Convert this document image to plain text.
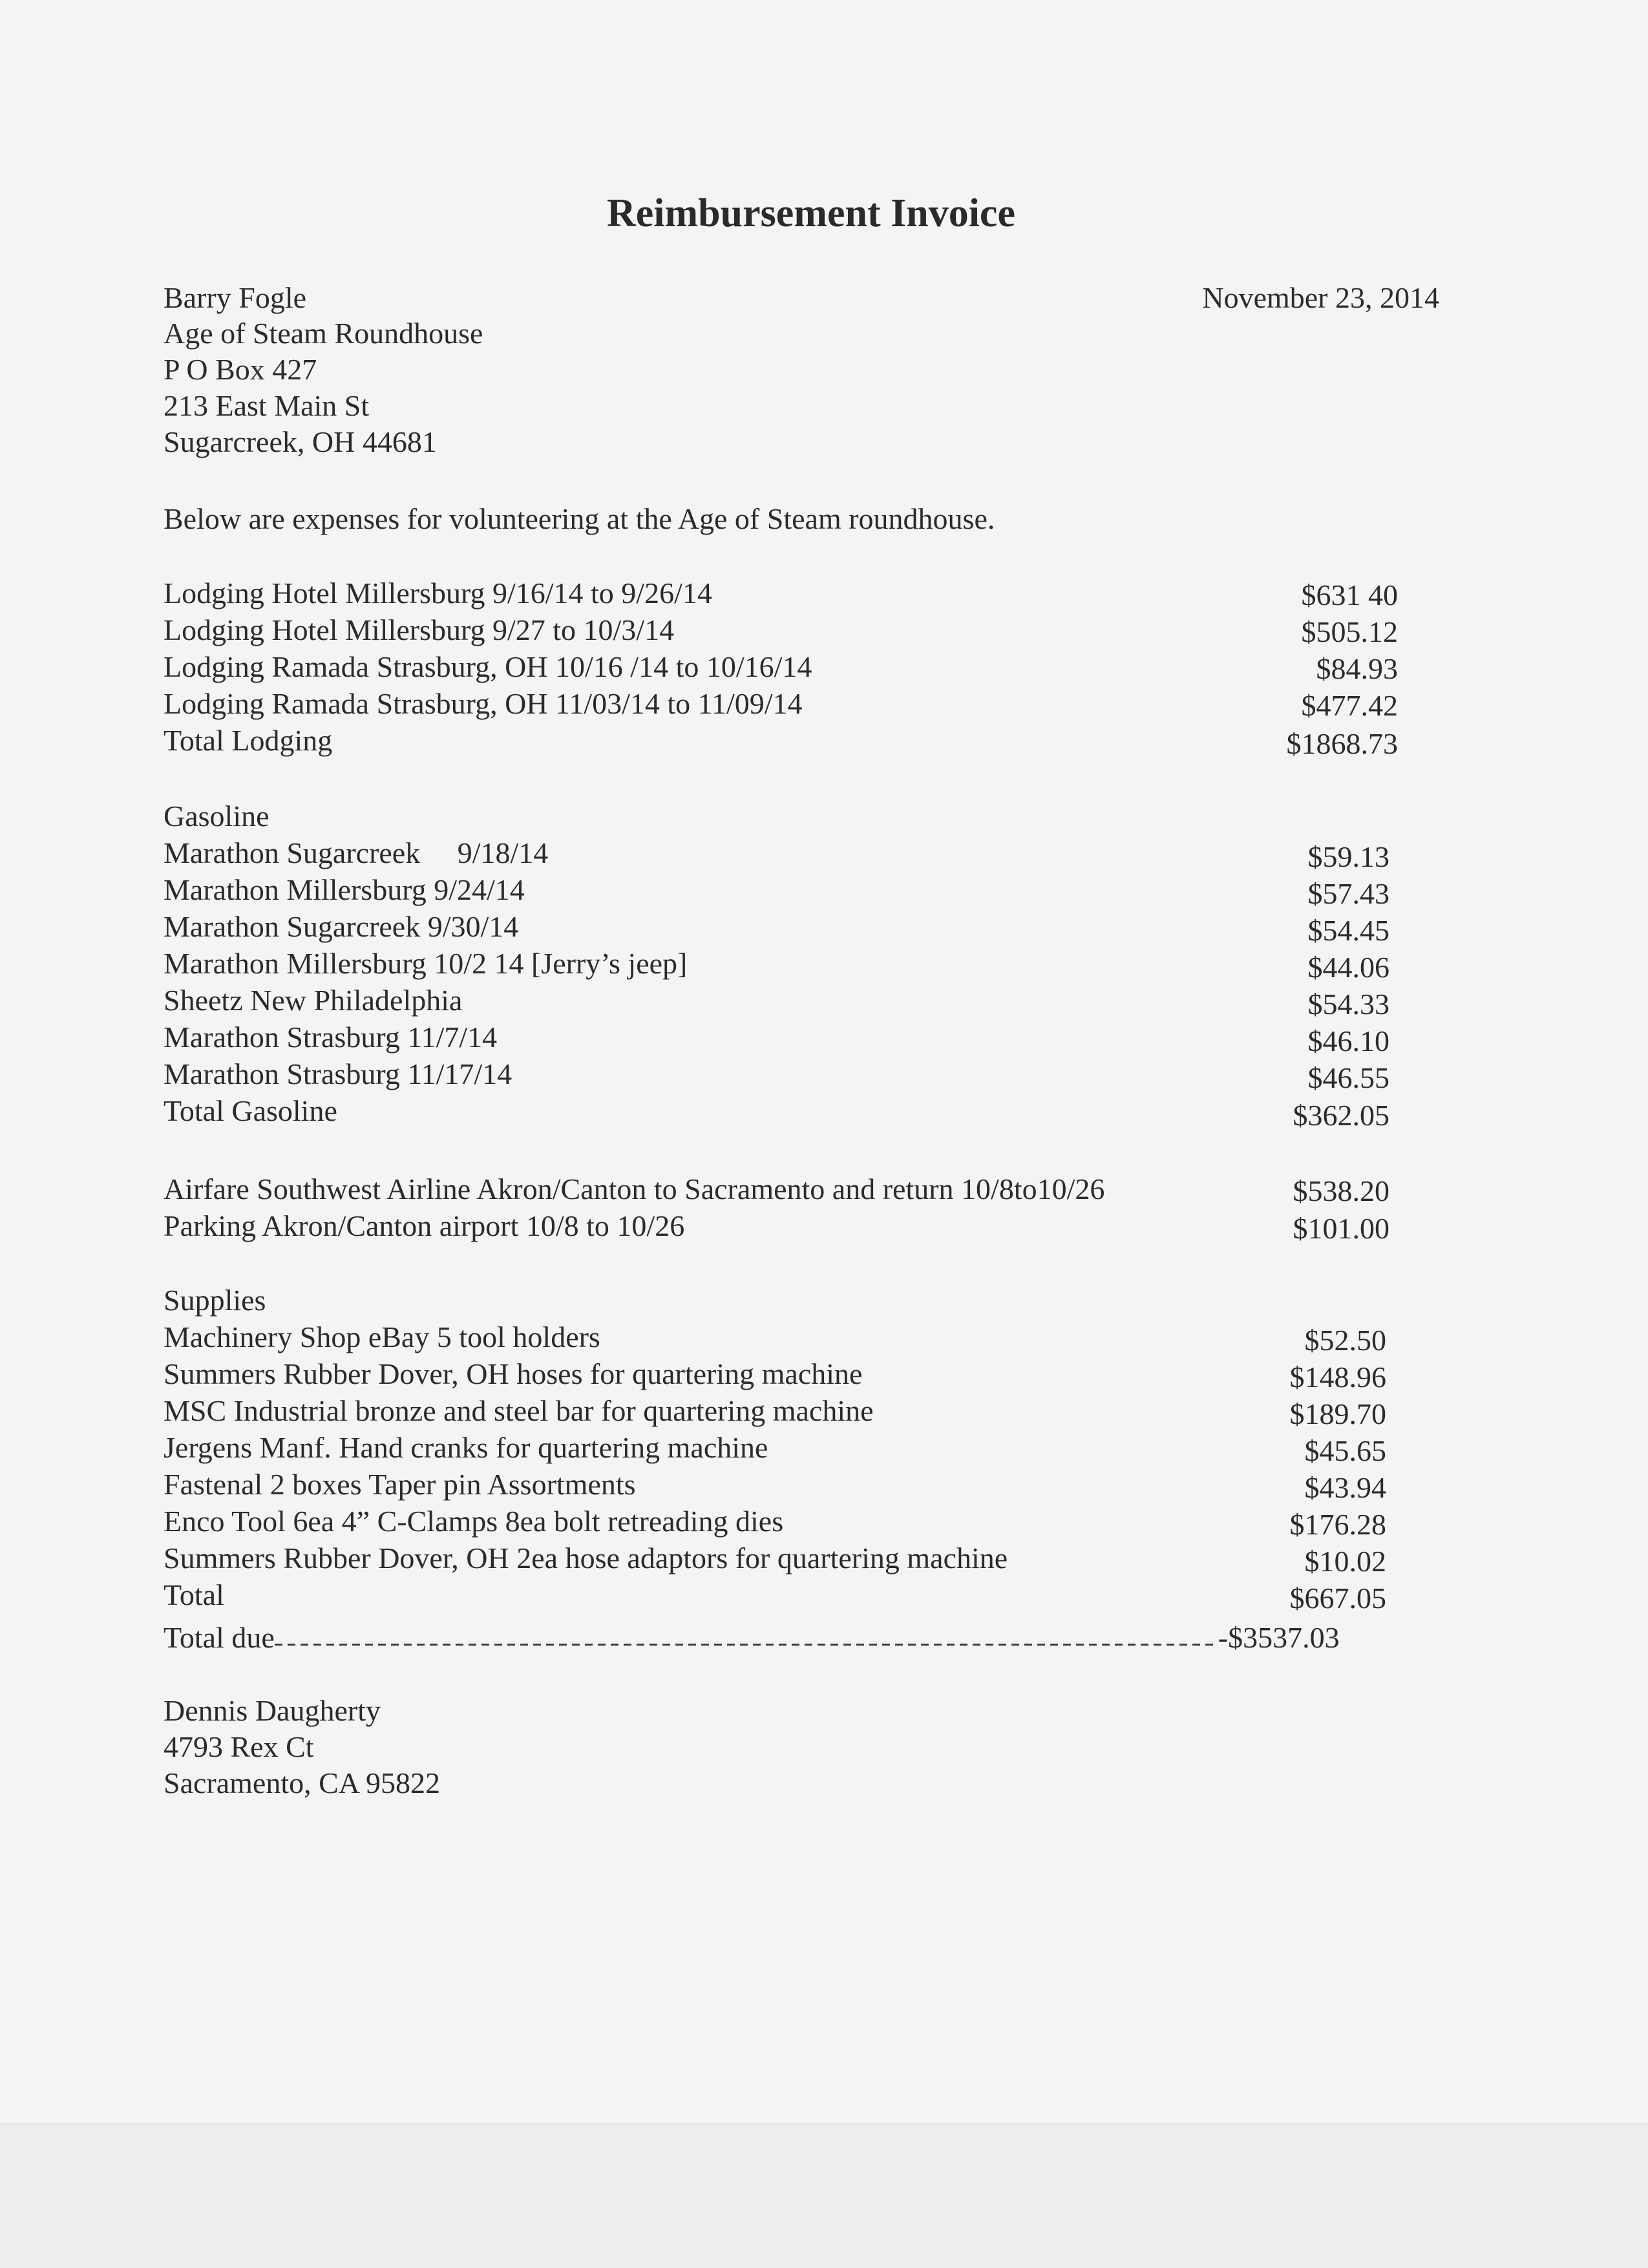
Reimbursement Invoice
November 23, 2014
Barry Fogle
Age of Steam Roundhouse
P O Box 427
213 East Main St
Sugarcreek, OH 44681
Below are expenses for volunteering at the Age of Steam roundhouse.
Lodging Hotel Millersburg 9/16/14 to 9/26/14	$631 40
Lodging Hotel Millersburg 9/27 to 10/3/14	$505.12
Lodging Ramada Strasburg, OH 10/16 /14 to 10/16/14	$84.93
Lodging Ramada Strasburg, OH 11/03/14 to 11/09/14	$477.42
Total Lodging	$1868.73
Gasoline
Marathon Sugarcreek     9/18/14	$59.13
Marathon Millersburg 9/24/14	$57.43
Marathon Sugarcreek 9/30/14	$54.45
Marathon Millersburg 10/2 14 [Jerry’s jeep]	$44.06
Sheetz New Philadelphia	$54.33
Marathon Strasburg 11/7/14	$46.10
Marathon Strasburg 11/17/14	$46.55
Total Gasoline	$362.05
Airfare Southwest Airline Akron/Canton to Sacramento and return 10/8to10/26	$538.20
Parking Akron/Canton airport 10/8 to 10/26	$101.00
Supplies
Machinery Shop eBay 5 tool holders	$52.50
Summers Rubber Dover, OH hoses for quartering machine	$148.96
MSC Industrial bronze and steel bar for quartering machine	$189.70
Jergens Manf. Hand cranks for quartering machine	$45.65
Fastenal 2 boxes Taper pin Assortments	$43.94
Enco Tool 6ea 4” C-Clamps 8ea bolt retreading dies	$176.28
Summers Rubber Dover, OH 2ea hose adaptors for quartering machine	$10.02
Total	$667.05
Total due	-$3537.03
Dennis Daugherty
4793 Rex Ct
Sacramento, CA 95822
